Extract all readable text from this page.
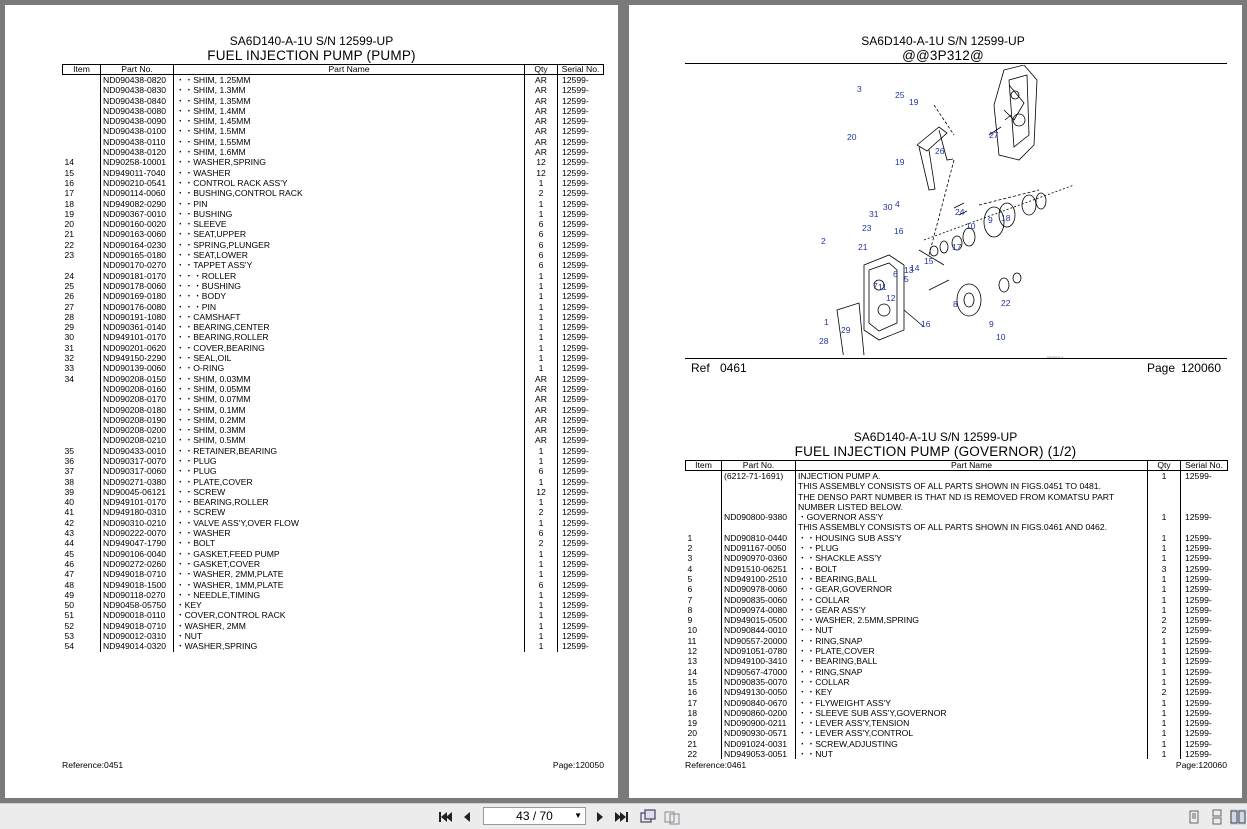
SA6D140-A-1U S/N 12599-UP
FUEL INJECTION PUMP (PUMP)
Item	Part No.	Part Name	Qty	Serial No.
	ND090438-0820	・・SHIM, 1.25MM	AR	12599-
	ND090438-0830	・・SHIM, 1.3MM	AR	12599-
	ND090438-0840	・・SHIM, 1.35MM	AR	12599-
	ND090438-0080	・・SHIM, 1.4MM	AR	12599-
	ND090438-0090	・・SHIM, 1.45MM	AR	12599-
	ND090438-0100	・・SHIM, 1.5MM	AR	12599-
	ND090438-0110	・・SHIM, 1.55MM	AR	12599-
	ND090438-0120	・・SHIM, 1.6MM	AR	12599-
14	ND90258-10001	・・WASHER,SPRING	12	12599-
15	ND949011-7040	・・WASHER	12	12599-
16	ND090210-0541	・・CONTROL RACK ASS'Y	1	12599-
17	ND090114-0060	・・BUSHING,CONTROL RACK	2	12599-
18	ND949082-0290	・・PIN	1	12599-
19	ND090367-0010	・・BUSHING	1	12599-
20	ND090160-0020	・・SLEEVE	6	12599-
21	ND090163-0060	・・SEAT,UPPER	6	12599-
22	ND090164-0230	・・SPRING,PLUNGER	6	12599-
23	ND090165-0180	・・SEAT,LOWER	6	12599-
	ND090170-0270	・・TAPPET ASS'Y	6	12599-
24	ND090181-0170	・・・ROLLER	1	12599-
25	ND090178-0060	・・・BUSHING	1	12599-
26	ND090169-0180	・・・BODY	1	12599-
27	ND090176-0080	・・・PIN	1	12599-
28	ND090191-1080	・・CAMSHAFT	1	12599-
29	ND090361-0140	・・BEARING,CENTER	1	12599-
30	ND949101-0170	・・BEARING,ROLLER	1	12599-
31	ND090201-0620	・・COVER,BEARING	1	12599-
32	ND949150-2290	・・SEAL,OIL	1	12599-
33	ND090139-0060	・・O-RING	1	12599-
34	ND090208-0150	・・SHIM, 0.03MM	AR	12599-
	ND090208-0160	・・SHIM, 0.05MM	AR	12599-
	ND090208-0170	・・SHIM, 0.07MM	AR	12599-
	ND090208-0180	・・SHIM, 0.1MM	AR	12599-
	ND090208-0190	・・SHIM, 0.2MM	AR	12599-
	ND090208-0200	・・SHIM, 0.3MM	AR	12599-
	ND090208-0210	・・SHIM, 0.5MM	AR	12599-
35	ND090433-0010	・・RETAINER,BEARING	1	12599-
36	ND090317-0070	・・PLUG	1	12599-
37	ND090317-0060	・・PLUG	6	12599-
38	ND090271-0380	・・PLATE,COVER	1	12599-
39	ND90045-06121	・・SCREW	12	12599-
40	ND949101-0170	・・BEARING,ROLLER	1	12599-
41	ND949180-0310	・・SCREW	2	12599-
42	ND090310-0210	・・VALVE ASS'Y,OVER FLOW	1	12599-
43	ND090222-0070	・・WASHER	6	12599-
44	ND949047-1790	・・BOLT	2	12599-
45	ND090106-0040	・・GASKET,FEED PUMP	1	12599-
46	ND090272-0260	・・GASKET,COVER	1	12599-
47	ND949018-0710	・・WASHER, 2MM,PLATE	1	12599-
48	ND949018-1500	・・WASHER, 1MM,PLATE	6	12599-
49	ND090118-0270	・・NEEDLE,TIMING	1	12599-
50	ND90458-05750	・KEY	1	12599-
51	ND090018-0110	・COVER,CONTROL RACK	1	12599-
52	ND949018-0710	・WASHER, 2MM	1	12599-
53	ND090012-0310	・NUT	1	12599-
54	ND949014-0320	・WASHER,SPRING	1	12599-
Reference:0451	Page:120050
SA6D140-A-1U S/N 12599-UP
@@3P312@
3
25
19
20
19
26
27
4
30
31
23	16
2
21
5
6
11
12
13
14
15
17
9
10
18
24
7
1
22
29
28
16
8
9
10
P03F014
Ref 0461	Page 120060
SA6D140-A-1U S/N 12599-UP
FUEL INJECTION PUMP (GOVERNOR) (1/2)
Item	Part No.	Part Name	Qty	Serial No.
	(6212-71-1691)	INJECTION PUMP A.	1	12599-
		THIS ASSEMBLY CONSISTS OF ALL PARTS SHOWN IN FIGS.0451 TO 0481.		
		THE DENSO PART NUMBER IS THAT ND IS REMOVED FROM KOMATSU PART		
		NUMBER LISTED BELOW.		
	ND090800-9380	・GOVERNOR ASS'Y	1	12599-
		THIS ASSEMBLY CONSISTS OF ALL PARTS SHOWN IN FIGS.0461 AND 0462.		
1	ND090810-0440	・・HOUSING SUB ASS'Y	1	12599-
2	ND091167-0050	・・PLUG	1	12599-
3	ND090970-0360	・・SHACKLE ASS'Y	1	12599-
4	ND91510-06251	・・BOLT	3	12599-
5	ND949100-2510	・・BEARING,BALL	1	12599-
6	ND090978-0060	・・GEAR,GOVERNOR	1	12599-
7	ND090835-0060	・・COLLAR	1	12599-
8	ND090974-0080	・・GEAR ASS'Y	1	12599-
9	ND949015-0500	・・WASHER, 2.5MM,SPRING	2	12599-
10	ND090844-0010	・・NUT	2	12599-
11	ND90557-20000	・・RING,SNAP	1	12599-
12	ND091051-0780	・・PLATE,COVER	1	12599-
13	ND949100-3410	・・BEARING,BALL	1	12599-
14	ND90567-47000	・・RING,SNAP	1	12599-
15	ND090835-0070	・・COLLAR	1	12599-
16	ND949130-0050	・・KEY	2	12599-
17	ND090840-0670	・・FLYWEIGHT ASS'Y	1	12599-
18	ND090860-0200	・・SLEEVE SUB ASS'Y,GOVERNOR	1	12599-
19	ND090900-0211	・・LEVER ASS'Y,TENSION	1	12599-
20	ND090930-0571	・・LEVER ASS'Y,CONTROL	1	12599-
21	ND091024-0031	・・SCREW,ADJUSTING	1	12599-
22	ND949053-0051	・・NUT	1	12599-
Reference:0461	Page:120060
43 / 70	▼
